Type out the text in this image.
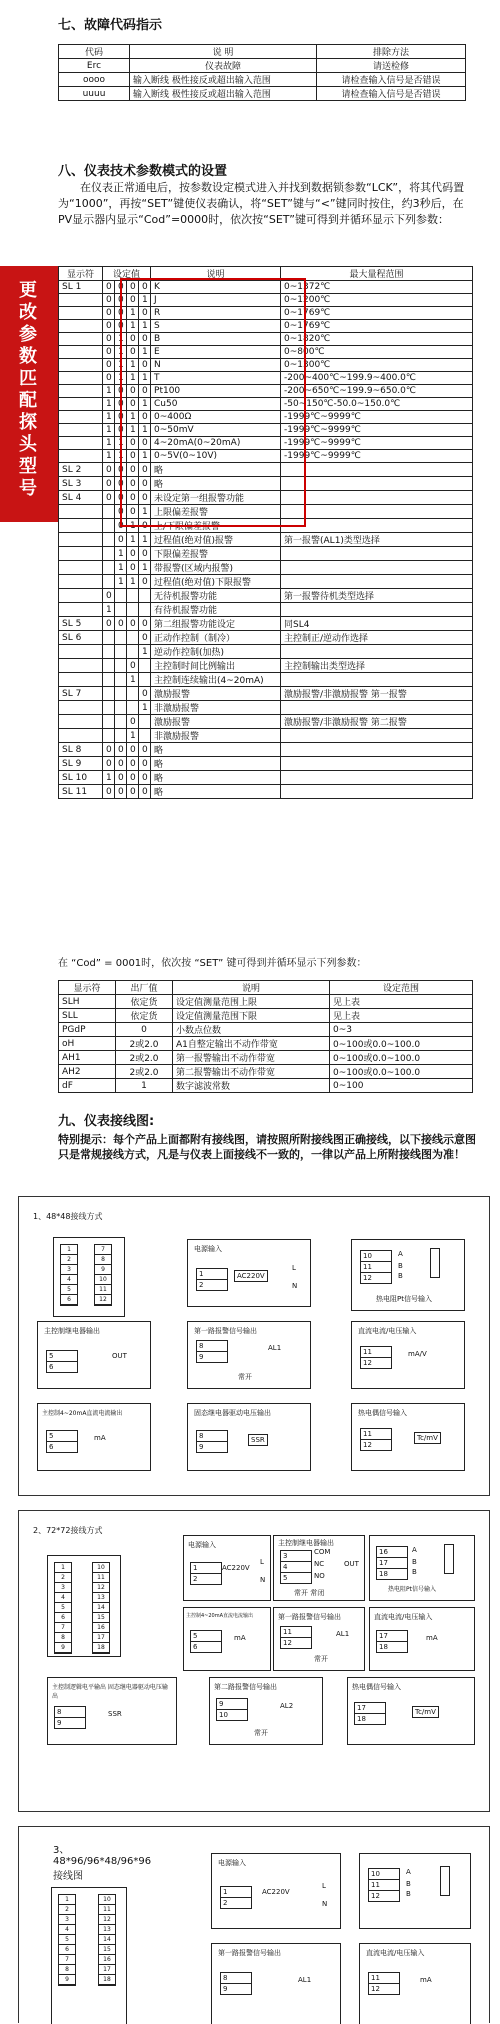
七、故障代码指示
代码	说 明	排除方法
Erc	仪表故障	请送检修
oooo	输入断线 极性接反或超出输入范围	请检查输入信号是否错误
uuuu	输入断线 极性接反或超出输入范围	请检查输入信号是否错误
八、仪表技术参数模式的设置
在仪表正常通电后，按参数设定模式进入并找到数据锁参数“LCK”，将其代码置为“1000”，再按“SET”键使仪表确认，将“SET”键与“<”键同时按住，约3秒后，在PV显示器内显示“Cod”=0000时，依次按“SET”键可得到并循环显示下列参数：
更改参数匹配探头型号
显示符	设定值				说明	最大量程范围
SL 1	0	0	0	0	K	0~1372℃
	0	0	0	1	J	0~1200℃
	0	0	1	0	R	0~1769℃
	0	0	1	1	S	0~1769℃
	0	1	0	0	B	0~1820℃
	0	1	0	1	E	0~800℃
	0	1	1	0	N	0~1300℃
	0	1	1	1	T	-200~400℃~199.9~400.0℃
	1	0	0	0	Pt100	-200~650℃~199.9~650.0℃
	1	0	0	1	Cu50	-50~150℃-50.0~150.0℃
	1	0	1	0	0~400Ω	-1999℃~9999℃
	1	0	1	1	0~50mV	-1999℃~9999℃
	1	1	0	0	4~20mA(0~20mA)	-1999℃~9999℃
	1	1	0	1	0~5V(0~10V)	-1999℃~9999℃
SL 2	0	0	0	0	略	
SL 3	0	0	0	0	略	
SL 4	0	0	0	0	未设定第一组报警功能	
		0	0	1	上限偏差报警	
		0	1	0	上/下限偏差报警	
		0	1	1	过程值(绝对值)报警	第一报警(AL1)类型选择
		1	0	0	下限偏差报警	
		1	0	1	带报警(区域内报警)	
		1	1	0	过程值(绝对值)下限报警	
	0				无待机报警功能	第一报警待机类型选择
	1				有待机报警功能	
SL 5	0	0	0	0	第二组报警功能设定	同SL4
SL 6				0	正动作控制（制冷）	主控制正/逆动作选择
				1	逆动作控制(加热)	
			0		主控制时间比例输出	主控制输出类型选择
			1		主控制连续输出(4~20mA)	
SL 7				0	激励报警	激励报警/非激励报警 第一报警
				1	非激励报警	
			0		激励报警	激励报警/非激励报警 第二报警
			1		非激励报警	
SL 8	0	0	0	0	略	
SL 9	0	0	0	0	略	
SL 10	1	0	0	0	略	
SL 11	0	0	0	0	略	
在 “Cod” = 0001时，依次按 “SET” 键可得到并循环显示下列参数：
显示符	出厂值	说明	设定范围
SLH	依定货	设定值测量范围上限	见上表
SLL	依定货	设定值测量范围下限	见上表
PGdP	0	小数点位数	0~3
oH	2或2.0	A1自整定输出不动作带宽	0~100或0.0~100.0
AH1	2或2.0	第一报警输出不动作带宽	0~100或0.0~100.0
AH2	2或2.0	第二报警输出不动作带宽	0~100或0.0~100.0
dF	1	数字滤波常数	0~100
九、仪表接线图:
特别提示：每个产品上面都附有接线图，请按照所附接线图正确接线，以下接线示意图只是常规接线方式，凡是与仪表上面接线不一致的，一律以产品上所附接线图为准！
1、48*48接线方式
1
2
3
4
5
6
7
8
9
10
11
12
电源输入
1
2
AC220V
L
N
10
11
12
A
B
B
热电阻Pt信号输入
主控制继电器输出
5
6
OUT
第一路报警信号输出
8
9
AL1
常开
直流电流/电压输入
11
12
mA/V
主控制4~20mA直流电流输出
5
6
mA
固态继电器驱动电压输出
8
9
SSR
热电偶信号输入
11
12
Tc/mV
2、72*72接线方式
1
2
3
4
5
6
7
8
9
10
11
12
13
14
15
16
17
18
电源输入
1
2
AC220V
L
N
主控制继电器输出
3
4
5
COM
NC
NO
OUT
常开 常闭
16
17
18
A
B
B
热电阻Pt信号输入
主控制4~20mA直流电流输出
5
6
mA
第一路报警信号输出
11
12
AL1
常开
直流电流/电压输入
17
18
mA
主控制逻辑电平输出 固态继电器驱动电压输出
8
9
SSR
第二路报警信号输出
9
10
AL2
常开
热电偶信号输入
17
18
Tc/mV
3、48*96/96*48/96*96 接线图
1
2
3
4
5
6
7
8
9
10
11
12
13
14
15
16
17
18
电源输入
1
2
AC220V
L
N
10
11
12
A
B
B
第一路报警信号输出
8
9
AL1
直流电流/电压输入
11
12
mA
